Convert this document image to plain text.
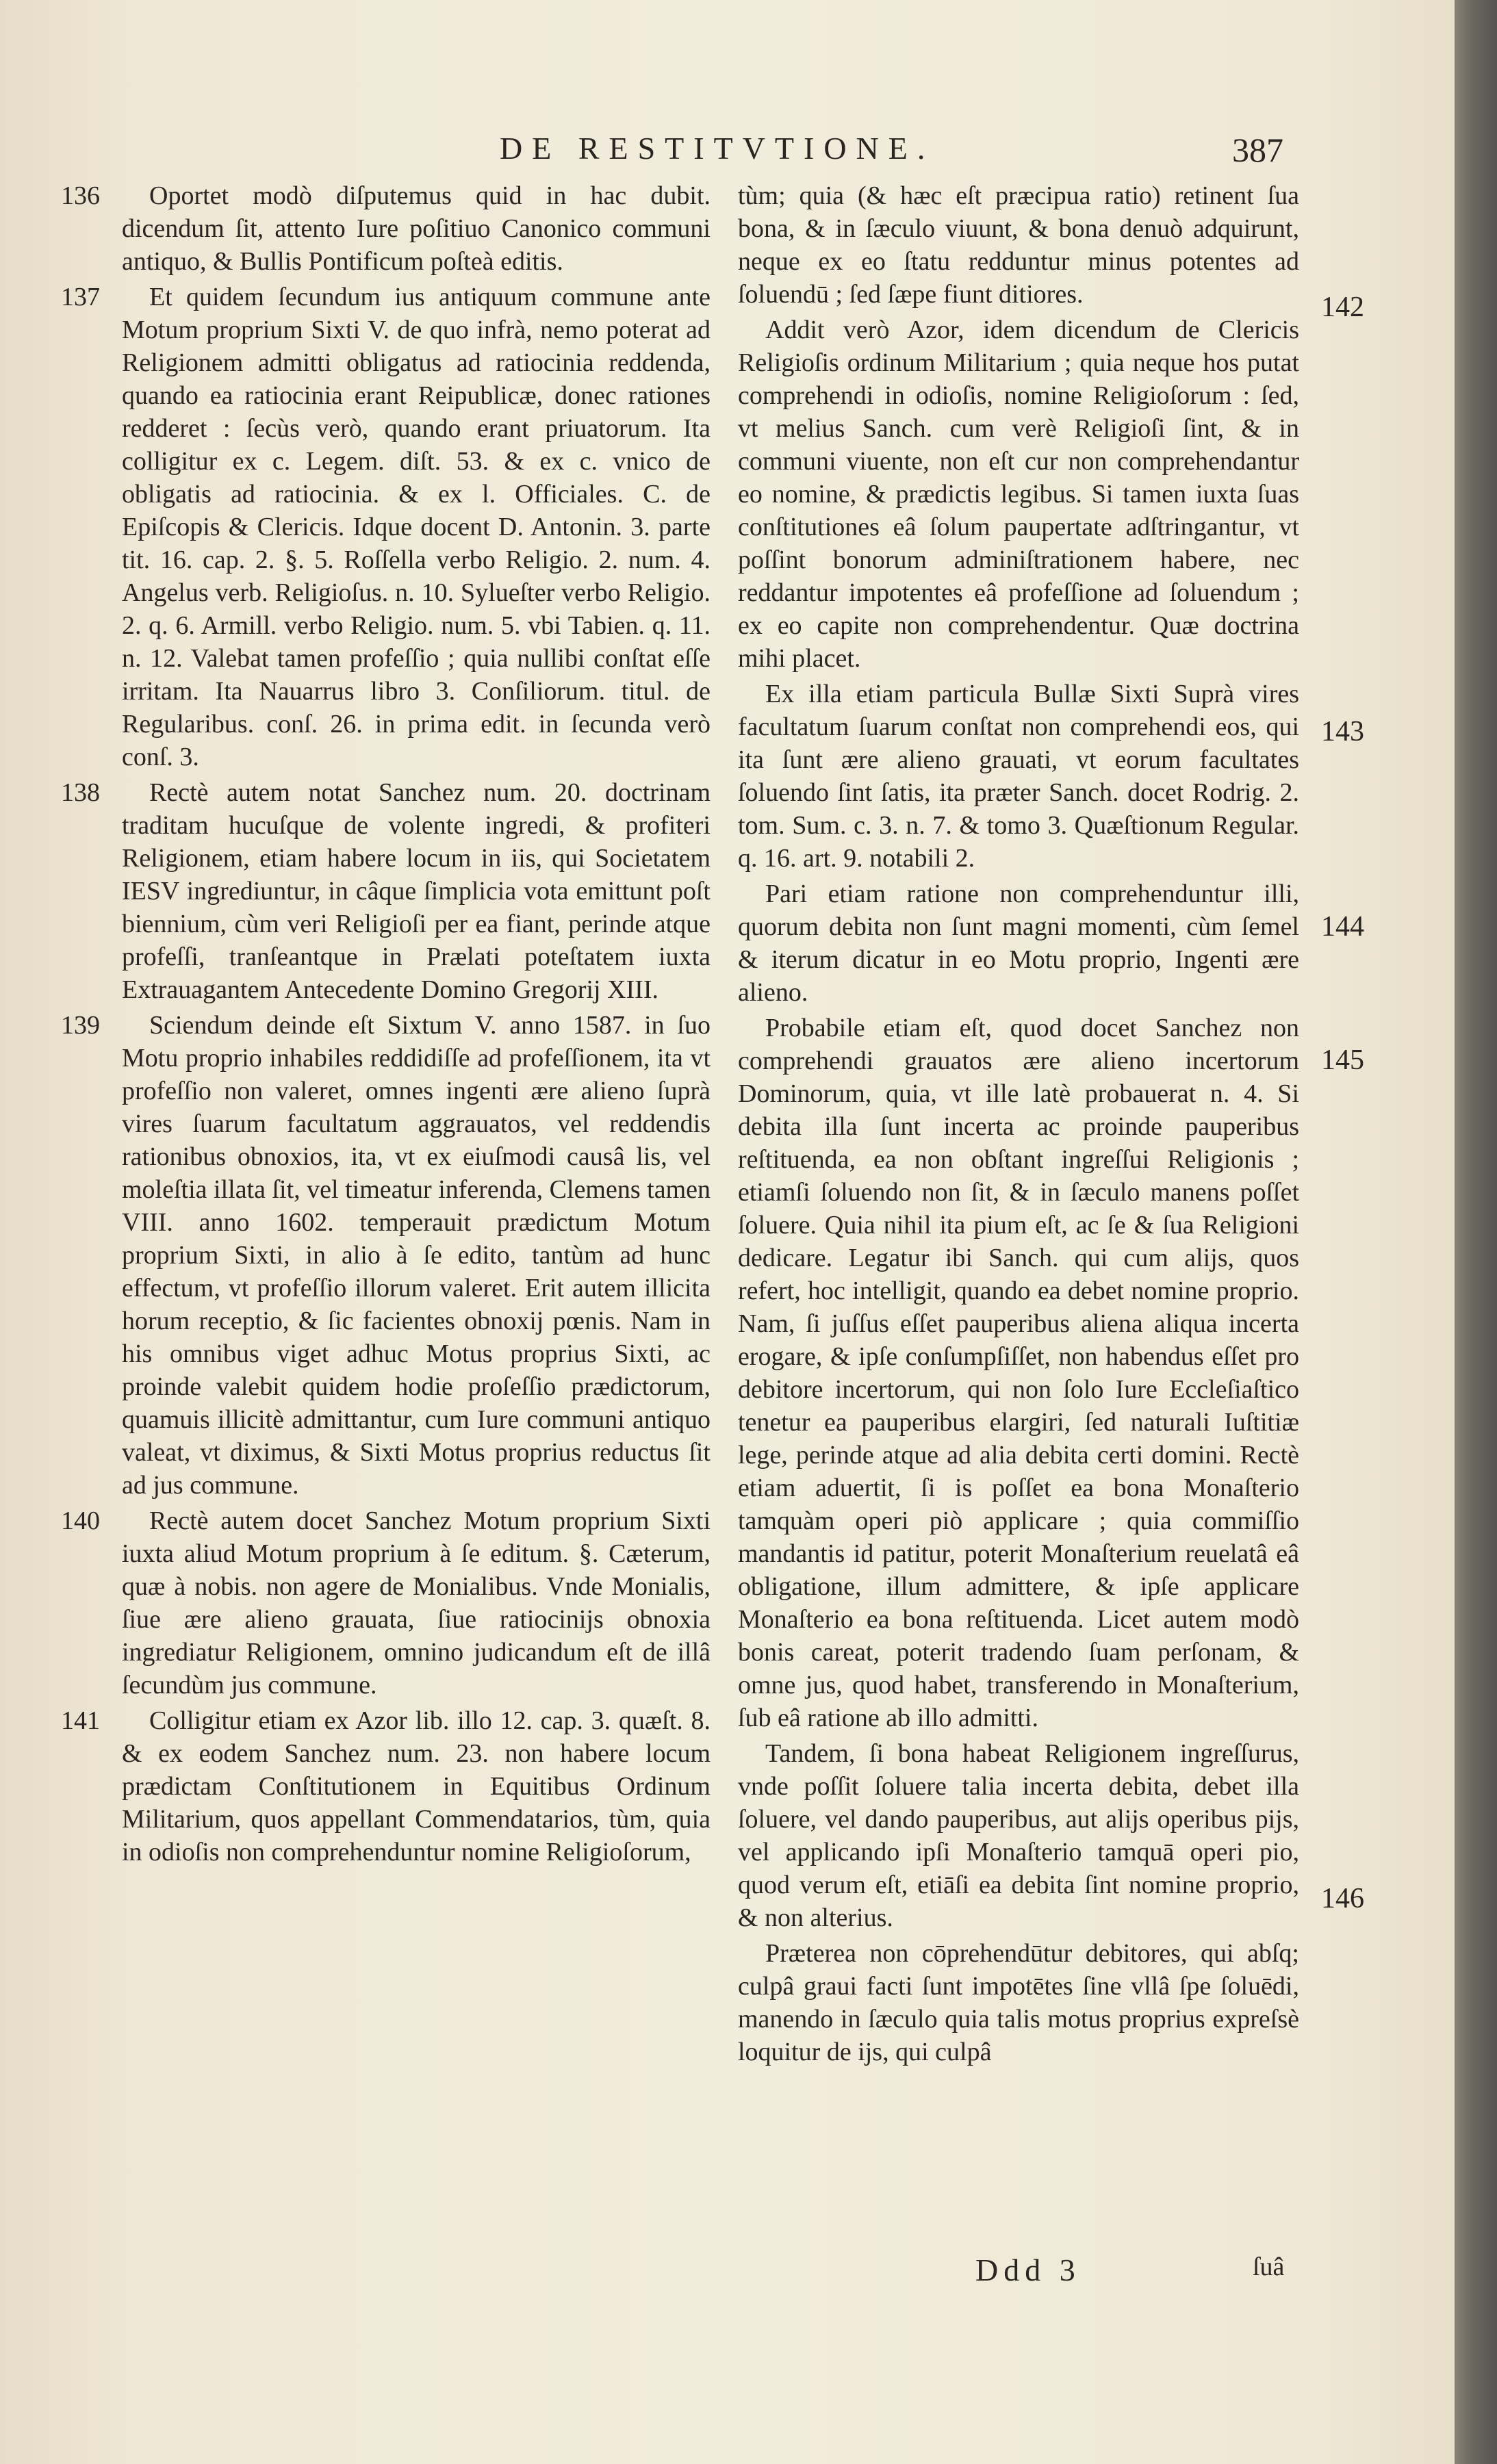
DE RESTITVTIONE.	387

136 Oportet modò diſputemus quid in hac dubit. dicendum ſit, attento Iure poſitiuo Canonico communi antiquo, & Bullis Pontificum poſteà editis.

137 Et quidem ſecundum ius antiquum commune ante Motum proprium Sixti V. de quo infrà, nemo poterat ad Religionem admitti obligatus ad ratiocinia reddenda, quando ea ratiocinia erant Reipublicæ, donec rationes redderet : ſecùs verò, quando erant priuatorum. Ita colligitur ex c. Legem. diſt. 53. & ex c. vnico de obligatis ad ratiocinia. & ex l. Officiales. C. de Epiſcopis & Clericis. Idque docent D. Antonin. 3. parte tit. 16. cap. 2. §. 5. Roſſella verbo Religio. 2. num. 4. Angelus verb. Religioſus. n. 10. Sylueſter verbo Religio. 2. q. 6. Armill. verbo Religio. num. 5. vbi Tabien. q. 11. n. 12. Valebat tamen profeſſio ; quia nullibi conſtat eſſe irritam. Ita Nauarrus libro 3. Conſiliorum. titul. de Regularibus. conſ. 26. in prima edit. in ſecunda verò conſ. 3.

138 Rectè autem notat Sanchez num. 20. doctrinam traditam hucuſque de volente ingredi, & profiteri Religionem, etiam habere locum in iis, qui Societatem IESV ingrediuntur, in câque ſimplicia vota emittunt poſt biennium, cùm veri Religioſi per ea fiant, perinde atque profeſſi, tranſeantque in Prælati poteſtatem iuxta Extrauagantem Antecedente Domino Gregorij XIII.

139 Sciendum deinde eſt Sixtum V. anno 1587. in ſuo Motu proprio inhabiles reddidiſſe ad profeſſionem, ita vt profeſſio non valeret, omnes ingenti ære alieno ſuprà vires ſuarum facultatum aggrauatos, vel reddendis rationibus obnoxios, ita, vt ex eiuſmodi causâ lis, vel moleſtia illata ſit, vel timeatur inferenda, Clemens tamen VIII. anno 1602. temperauit prædictum Motum proprium Sixti, in alio à ſe edito, tantùm ad hunc effectum, vt profeſſio illorum valeret. Erit autem illicita horum receptio, & ſic facientes obnoxij pœnis. Nam in his omnibus viget adhuc Motus proprius Sixti, ac proinde valebit quidem hodie proſeſſio prædictorum, quamuis illicitè admittantur, cum Iure communi antiquo valeat, vt diximus, & Sixti Motus proprius reductus ſit ad jus commune.

140 Rectè autem docet Sanchez Motum proprium Sixti iuxta aliud Motum proprium à ſe editum. §. Cæterum, quæ à nobis. non agere de Monialibus. Vnde Monialis, ſiue ære alieno grauata, ſiue ratiocinijs obnoxia ingrediatur Religionem, omnino judicandum eſt de illâ ſecundùm jus commune.

141 Colligitur etiam ex Azor lib. illo 12. cap. 3. quæſt. 8. & ex eodem Sanchez num. 23. non habere locum prædictam Conſtitutionem in Equitibus Ordinum Militarium, quos appellant Commendatarios, tùm, quia in odioſis non comprehenduntur nomine Religioſorum,

tùm; quia (& hæc eſt præcipua ratio) retinent ſua bona, & in ſæculo viuunt, & bona denuò adquirunt, neque ex eo ſtatu redduntur minus potentes ad ſoluendū ; ſed ſæpe fiunt ditiores.

Addit verò Azor, idem dicendum de Clericis Religioſis ordinum Militarium ; quia neque hos putat comprehendi in odioſis, nomine Religioſorum : ſed, vt melius Sanch. cum verè Religioſi ſint, & in communi viuente, non eſt cur non comprehendantur eo nomine, & prædictis legibus. Si tamen iuxta ſuas conſtitutiones eâ ſolum paupertate adſtringantur, vt poſſint bonorum adminiſtrationem habere, nec reddantur impotentes eâ profeſſione ad ſoluendum ; ex eo capite non comprehendentur. Quæ doctrina mihi placet.

Ex illa etiam particula Bullæ Sixti Suprà vires facultatum ſuarum conſtat non comprehendi eos, qui ita ſunt ære alieno grauati, vt eorum facultates ſoluendo ſint ſatis, ita præter Sanch. docet Rodrig. 2. tom. Sum. c. 3. n. 7. & tomo 3. Quæſtionum Regular. q. 16. art. 9. notabili 2.

Pari etiam ratione non comprehenduntur illi, quorum debita non ſunt magni momenti, cùm ſemel & iterum dicatur in eo Motu proprio, Ingenti ære alieno.

Probabile etiam eſt, quod docet Sanchez non comprehendi grauatos ære alieno incertorum Dominorum, quia, vt ille latè probauerat n. 4. Si debita illa ſunt incerta ac proinde pauperibus reſtituenda, ea non obſtant ingreſſui Religionis ; etiamſi ſoluendo non ſit, & in ſæculo manens poſſet ſoluere. Quia nihil ita pium eſt, ac ſe & ſua Religioni dedicare. Legatur ibi Sanch. qui cum alijs, quos refert, hoc intelligit, quando ea debet nomine proprio. Nam, ſi juſſus eſſet pauperibus aliena aliqua incerta erogare, & ipſe conſumpſiſſet, non habendus eſſet pro debitore incertorum, qui non ſolo Iure Eccleſiaſtico tenetur ea pauperibus elargiri, ſed naturali Iuſtitiæ lege, perinde atque ad alia debita certi domini. Rectè etiam aduertit, ſi is poſſet ea bona Monaſterio tamquàm operi piò applicare ; quia commiſſio mandantis id patitur, poterit Monaſterium reuelatâ eâ obligatione, illum admittere, & ipſe applicare Monaſterio ea bona reſtituenda. Licet autem modò bonis careat, poterit tradendo ſuam perſonam, & omne jus, quod habet, transferendo in Monaſterium, ſub eâ ratione ab illo admitti.

Tandem, ſi bona habeat Religionem ingreſſurus, vnde poſſit ſoluere talia incerta debita, debet illa ſoluere, vel dando pauperibus, aut alijs operibus pijs, vel applicando ipſi Monaſterio tamquā operi pio, quod verum eſt, etiāſi ea debita ſint nomine proprio, & non alterius.

Præterea non cōprehendūtur debitores, qui abſq; culpâ graui facti ſunt impotētes ſine vllâ ſpe ſoluēdi, manendo in ſæculo quia talis motus proprius expreſsè loquitur de ijs, qui culpâ

142
143
144
145
146
Ddd 3	ſuâ
